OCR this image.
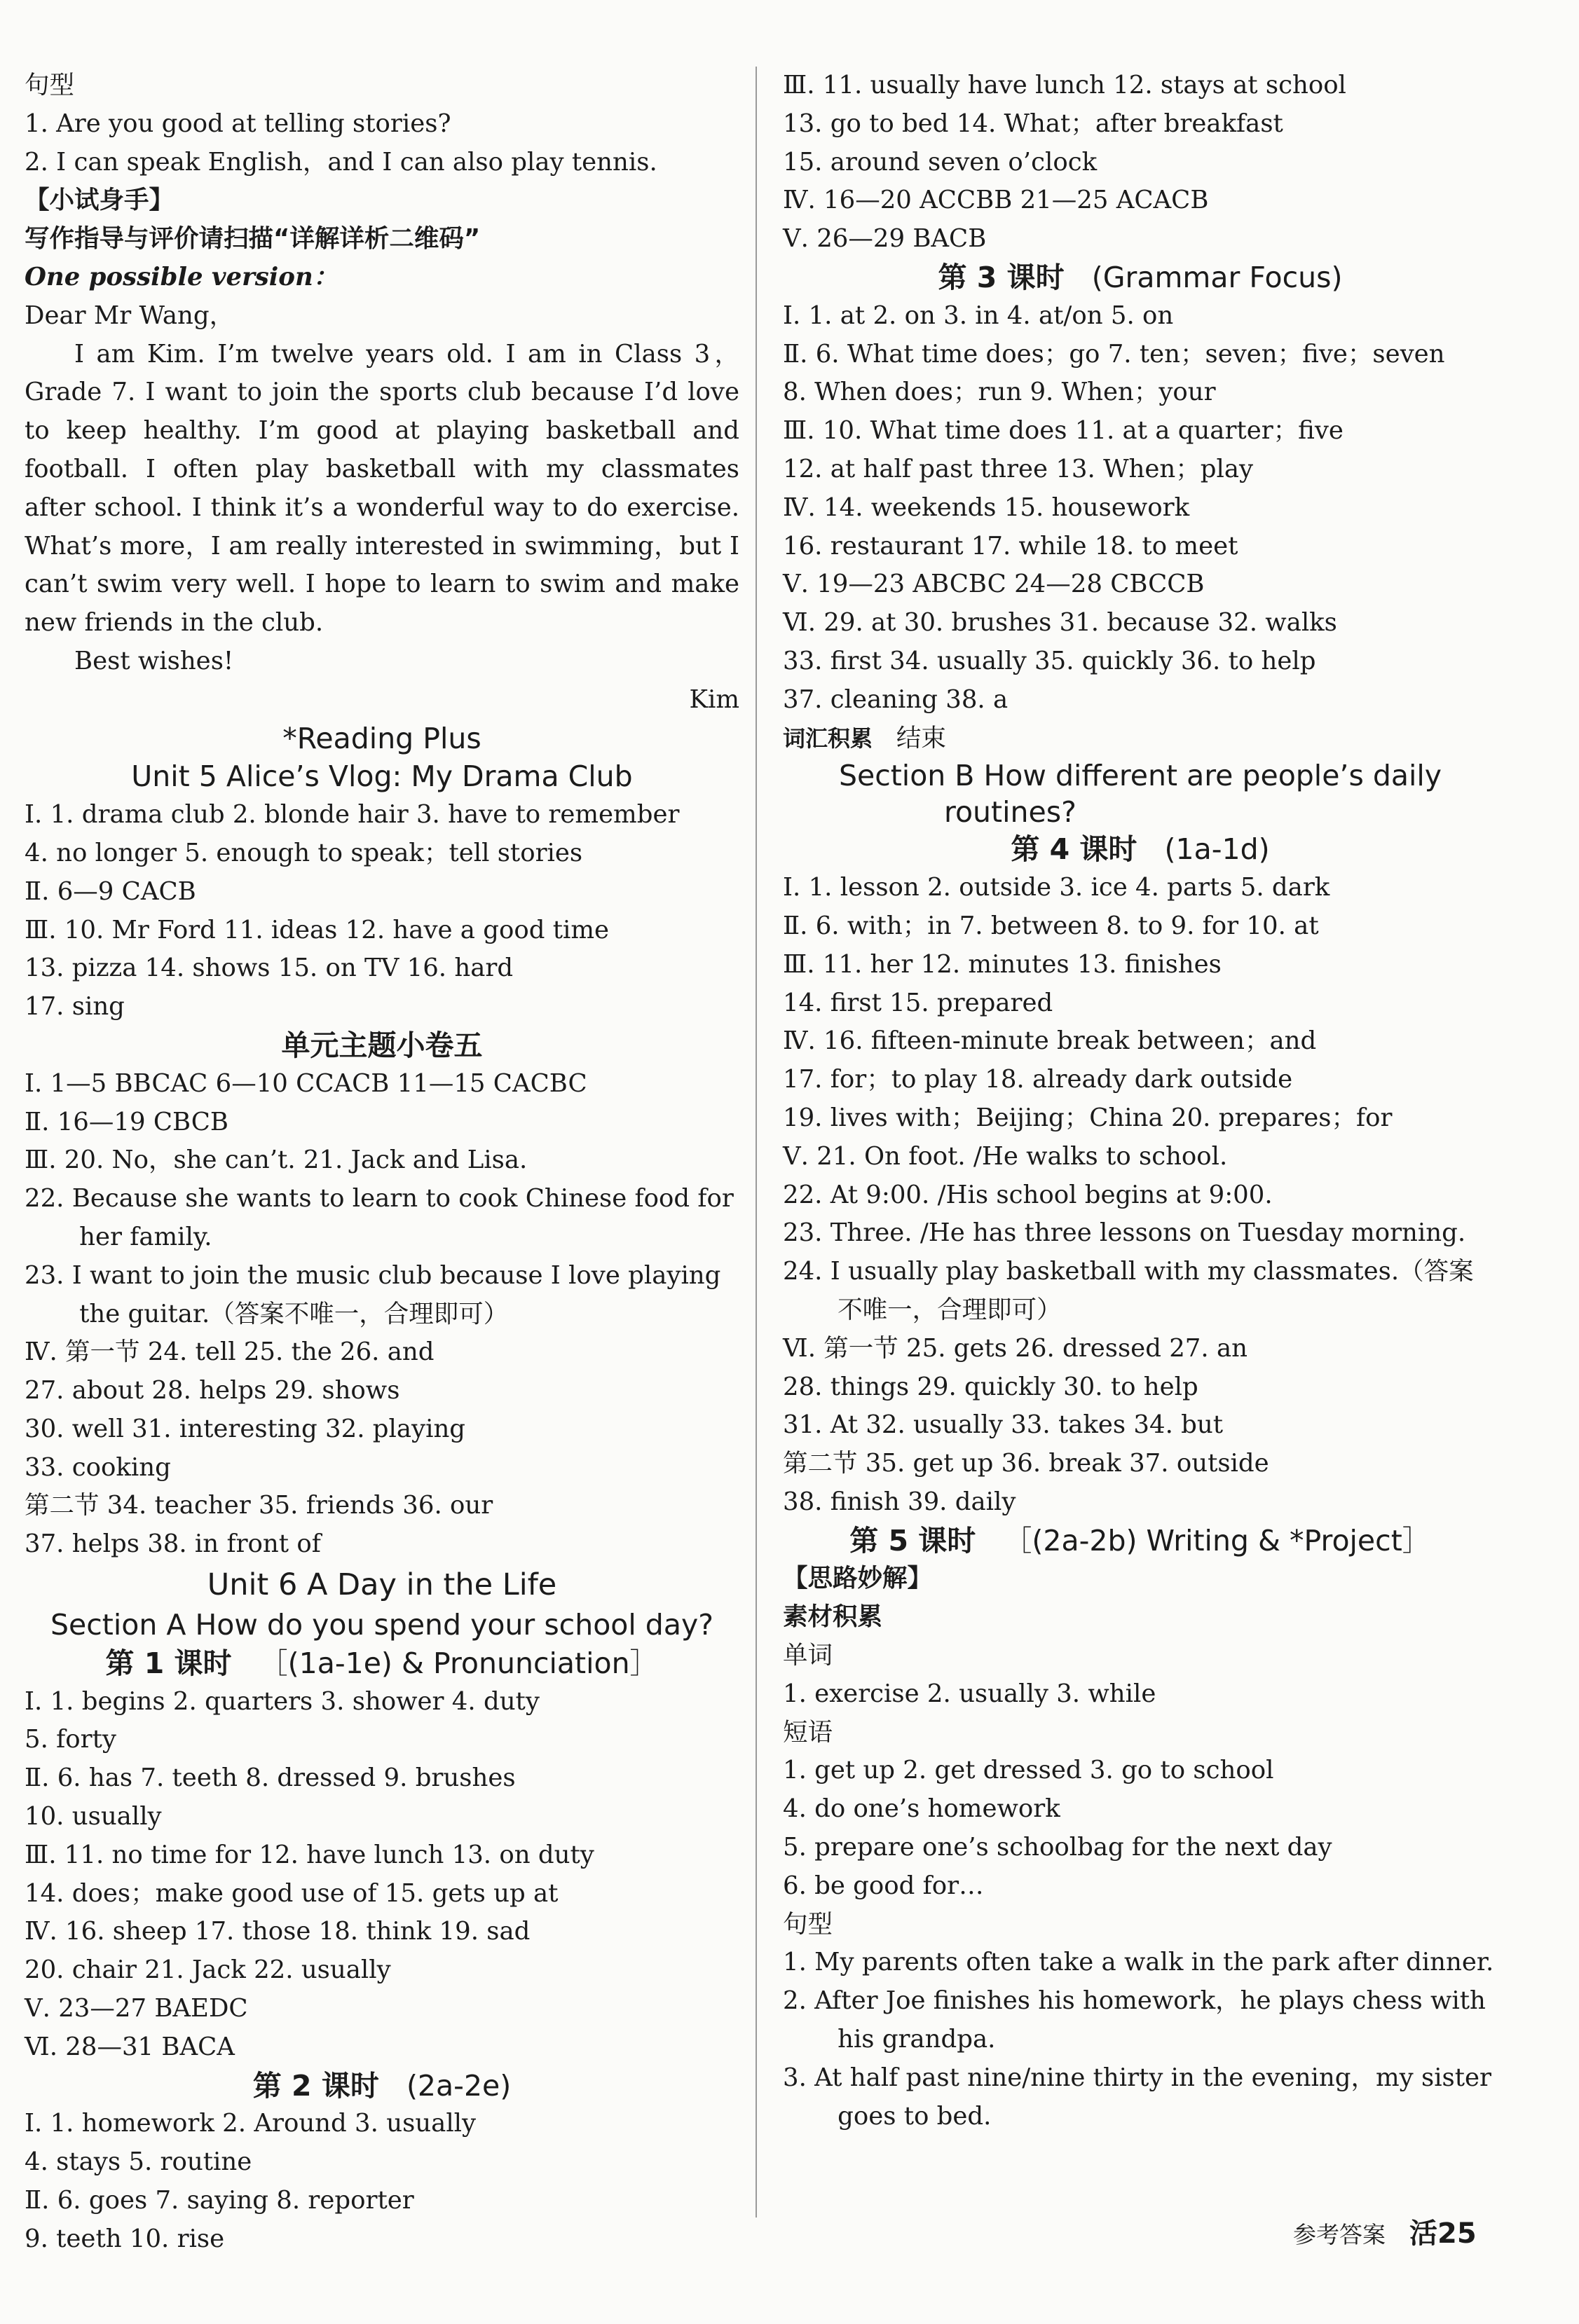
句型
1. Are you good at telling stories?
2. I can speak English，and I can also play tennis.
【小试身手】
写作指导与评价请扫描“详解详析二维码”
One possible version：
Dear Mr Wang，
I am Kim. I’m twelve years old. I am in Class 3，Grade 7. I want to join the sports club because I’d love to keep healthy. I’m good at playing basketball and football. I often play basketball with my classmates after school. I think it’s a wonderful way to do exercise. What’s more，I am really interested in swimming，but I can’t swim very well. I hope to learn to swim and make new friends in the club.
Best wishes!
Kim
*Reading Plus
Unit 5 Alice’s Vlog: My Drama Club
Ⅰ. 1. drama club 2. blonde hair 3. have to remember
4. no longer 5. enough to speak；tell stories
Ⅱ. 6—9 CACB
Ⅲ. 10. Mr Ford 11. ideas 12. have a good time
13. pizza 14. shows 15. on TV 16. hard
17. sing
单元主题小卷五
Ⅰ. 1—5 BBCAC 6—10 CCACB 11—15 CACBC
Ⅱ. 16—19 CBCB
Ⅲ. 20. No，she can’t. 21. Jack and Lisa.
22. Because she wants to learn to cook Chinese food for her family.
23. I want to join the music club because I love playing the guitar.（答案不唯一，合理即可）
Ⅳ. 第一节 24. tell 25. the 26. and
27. about 28. helps 29. shows
30. well 31. interesting 32. playing
33. cooking
第二节 34. teacher 35. friends 36. our
37. helps 38. in front of
Unit 6 A Day in the Life
Section A How do you spend your school day?
第 1 课时 ［(1a-1e) & Pronunciation］
Ⅰ. 1. begins 2. quarters 3. shower 4. duty
5. forty
Ⅱ. 6. has 7. teeth 8. dressed 9. brushes
10. usually
Ⅲ. 11. no time for 12. have lunch 13. on duty
14. does；make good use of 15. gets up at
Ⅳ. 16. sheep 17. those 18. think 19. sad
20. chair 21. Jack 22. usually
Ⅴ. 23—27 BAEDC
Ⅵ. 28—31 BACA
第 2 课时 (2a-2e)
Ⅰ. 1. homework 2. Around 3. usually
4. stays 5. routine
Ⅱ. 6. goes 7. saying 8. reporter
9. teeth 10. rise
Ⅲ. 11. usually have lunch 12. stays at school
13. go to bed 14. What；after breakfast
15. around seven o’clock
Ⅳ. 16—20 ACCBB 21—25 ACACB
Ⅴ. 26—29 BACB
第 3 课时 (Grammar Focus)
Ⅰ. 1. at 2. on 3. in 4. at/on 5. on
Ⅱ. 6. What time does；go 7. ten；seven；five；seven
8. When does；run 9. When；your
Ⅲ. 10. What time does 11. at a quarter；five
12. at half past three 13. When；play
Ⅳ. 14. weekends 15. housework
16. restaurant 17. while 18. to meet
Ⅴ. 19—23 ABCBC 24—28 CBCCB
Ⅵ. 29. at 30. brushes 31. because 32. walks
33. first 34. usually 35. quickly 36. to help
37. cleaning 38. a
词汇积累 结束
Section B How different are people’s daily
routines?
第 4 课时 (1a-1d)
Ⅰ. 1. lesson 2. outside 3. ice 4. parts 5. dark
Ⅱ. 6. with；in 7. between 8. to 9. for 10. at
Ⅲ. 11. her 12. minutes 13. finishes
14. first 15. prepared
Ⅳ. 16. fifteen-minute break between；and
17. for；to play 18. already dark outside
19. lives with；Beijing；China 20. prepares；for
Ⅴ. 21. On foot. /He walks to school.
22. At 9:00. /His school begins at 9:00.
23. Three. /He has three lessons on Tuesday morning.
24. I usually play basketball with my classmates.（答案不唯一，合理即可）
Ⅵ. 第一节 25. gets 26. dressed 27. an
28. things 29. quickly 30. to help
31. At 32. usually 33. takes 34. but
第二节 35. get up 36. break 37. outside
38. finish 39. daily
第 5 课时 ［(2a-2b) Writing & *Project］
【思路妙解】
素材积累
单词
1. exercise 2. usually 3. while
短语
1. get up 2. get dressed 3. go to school
4. do one’s homework
5. prepare one’s schoolbag for the next day
6. be good for…
句型
1. My parents often take a walk in the park after dinner.
2. After Joe finishes his homework，he plays chess with his grandpa.
3. At half past nine/nine thirty in the evening，my sister goes to bed.
参考答案 活25
